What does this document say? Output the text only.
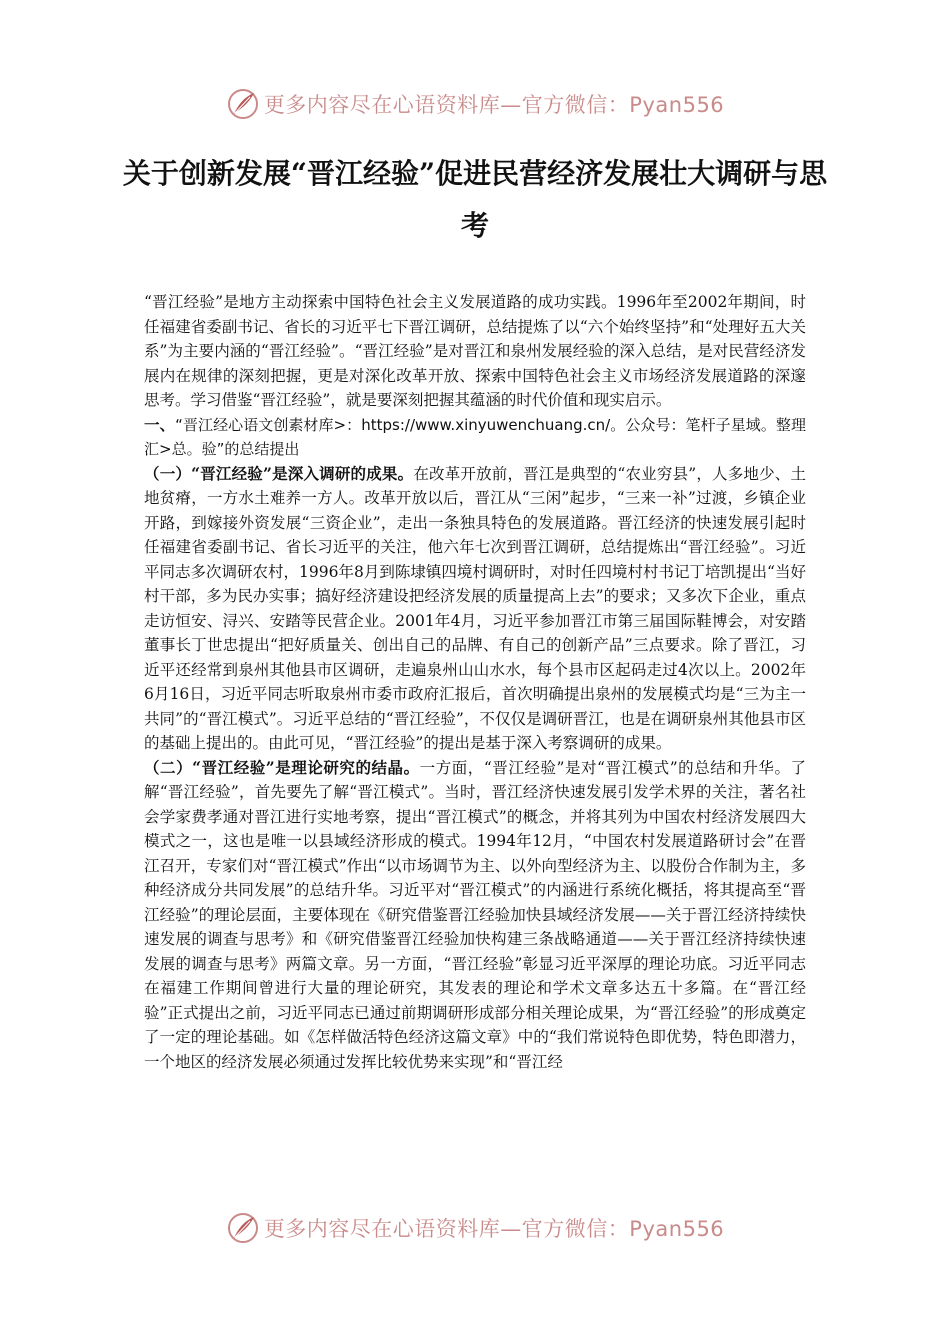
更多内容尽在心语资料库—官方微信：Pyan556
关于创新发展“晋江经验”促进民营经济发展壮大调研与思考

“晋江经验”是地方主动探索中国特色社会主义发展道路的成功实践。1996年至2002年期间，时任福建省委副书记、省长的习近平七下晋江调研，总结提炼了以“六个始终坚持”和“处理好五大关系”为主要内涵的“晋江经验”。“晋江经验”是对晋江和泉州发展经验的深入总结，是对民营经济发展内在规律的深刻把握，更是对深化改革开放、探索中国特色社会主义市场经济发展道路的深邃思考。学习借鉴“晋江经验”，就是要深刻把握其蕴涵的时代价值和现实启示。

一、“晋江经心语文创素材库>：https://www.xinyuwenchuang.cn/。公众号：笔杆子星域。整理汇>总。验”的总结提出

（一）“晋江经验”是深入调研的成果。在改革开放前，晋江是典型的“农业穷县”，人多地少、土地贫瘠，一方水土难养一方人。改革开放以后，晋江从“三闲”起步，“三来一补”过渡，乡镇企业开路，到嫁接外资发展“三资企业”，走出一条独具特色的发展道路。晋江经济的快速发展引起时任福建省委副书记、省长习近平的关注，他六年七次到晋江调研，总结提炼出“晋江经验”。习近平同志多次调研农村，1996年8月到陈埭镇四境村调研时，对时任四境村村书记丁培凯提出“当好村干部，多为民办实事；搞好经济建设把经济发展的质量提高上去”的要求；又多次下企业，重点走访恒安、浔兴、安踏等民营企业。2001年4月，习近平参加晋江市第三届国际鞋博会，对安踏董事长丁世忠提出“把好质量关、创出自己的品牌、有自己的创新产品”三点要求。除了晋江，习近平还经常到泉州其他县市区调研，走遍泉州山山水水，每个县市区起码走过4次以上。2002年6月16日，习近平同志听取泉州市委市政府汇报后，首次明确提出泉州的发展模式均是“三为主一共同”的“晋江模式”。习近平总结的“晋江经验”，不仅仅是调研晋江，也是在调研泉州其他县市区的基础上提出的。由此可见，“晋江经验”的提出是基于深入考察调研的成果。

（二）“晋江经验”是理论研究的结晶。一方面，“晋江经验”是对“晋江模式”的总结和升华。了解“晋江经验”，首先要先了解“晋江模式”。当时，晋江经济快速发展引发学术界的关注，著名社会学家费孝通对晋江进行实地考察，提出“晋江模式”的概念，并将其列为中国农村经济发展四大模式之一，这也是唯一以县域经济形成的模式。1994年12月，“中国农村发展道路研讨会”在晋江召开，专家们对“晋江模式”作出“以市场调节为主、以外向型经济为主、以股份合作制为主，多种经济成分共同发展”的总结升华。习近平对“晋江模式”的内涵进行系统化概括，将其提高至“晋江经验”的理论层面，主要体现在《研究借鉴晋江经验加快县域经济发展——关于晋江经济持续快速发展的调查与思考》和《研究借鉴晋江经验加快构建三条战略通道——关于晋江经济持续快速发展的调查与思考》两篇文章。另一方面，“晋江经验”彰显习近平深厚的理论功底。习近平同志在福建工作期间曾进行大量的理论研究，其发表的理论和学术文章多达五十多篇。在“晋江经验”正式提出之前，习近平同志已通过前期调研形成部分相关理论成果，为“晋江经验”的形成奠定了一定的理论基础。如《怎样做活特色经济这篇文章》中的“我们常说特色即优势，特色即潜力，一个地区的经济发展必须通过发挥比较优势来实现”和“晋江经

更多内容尽在心语资料库—官方微信：Pyan556
